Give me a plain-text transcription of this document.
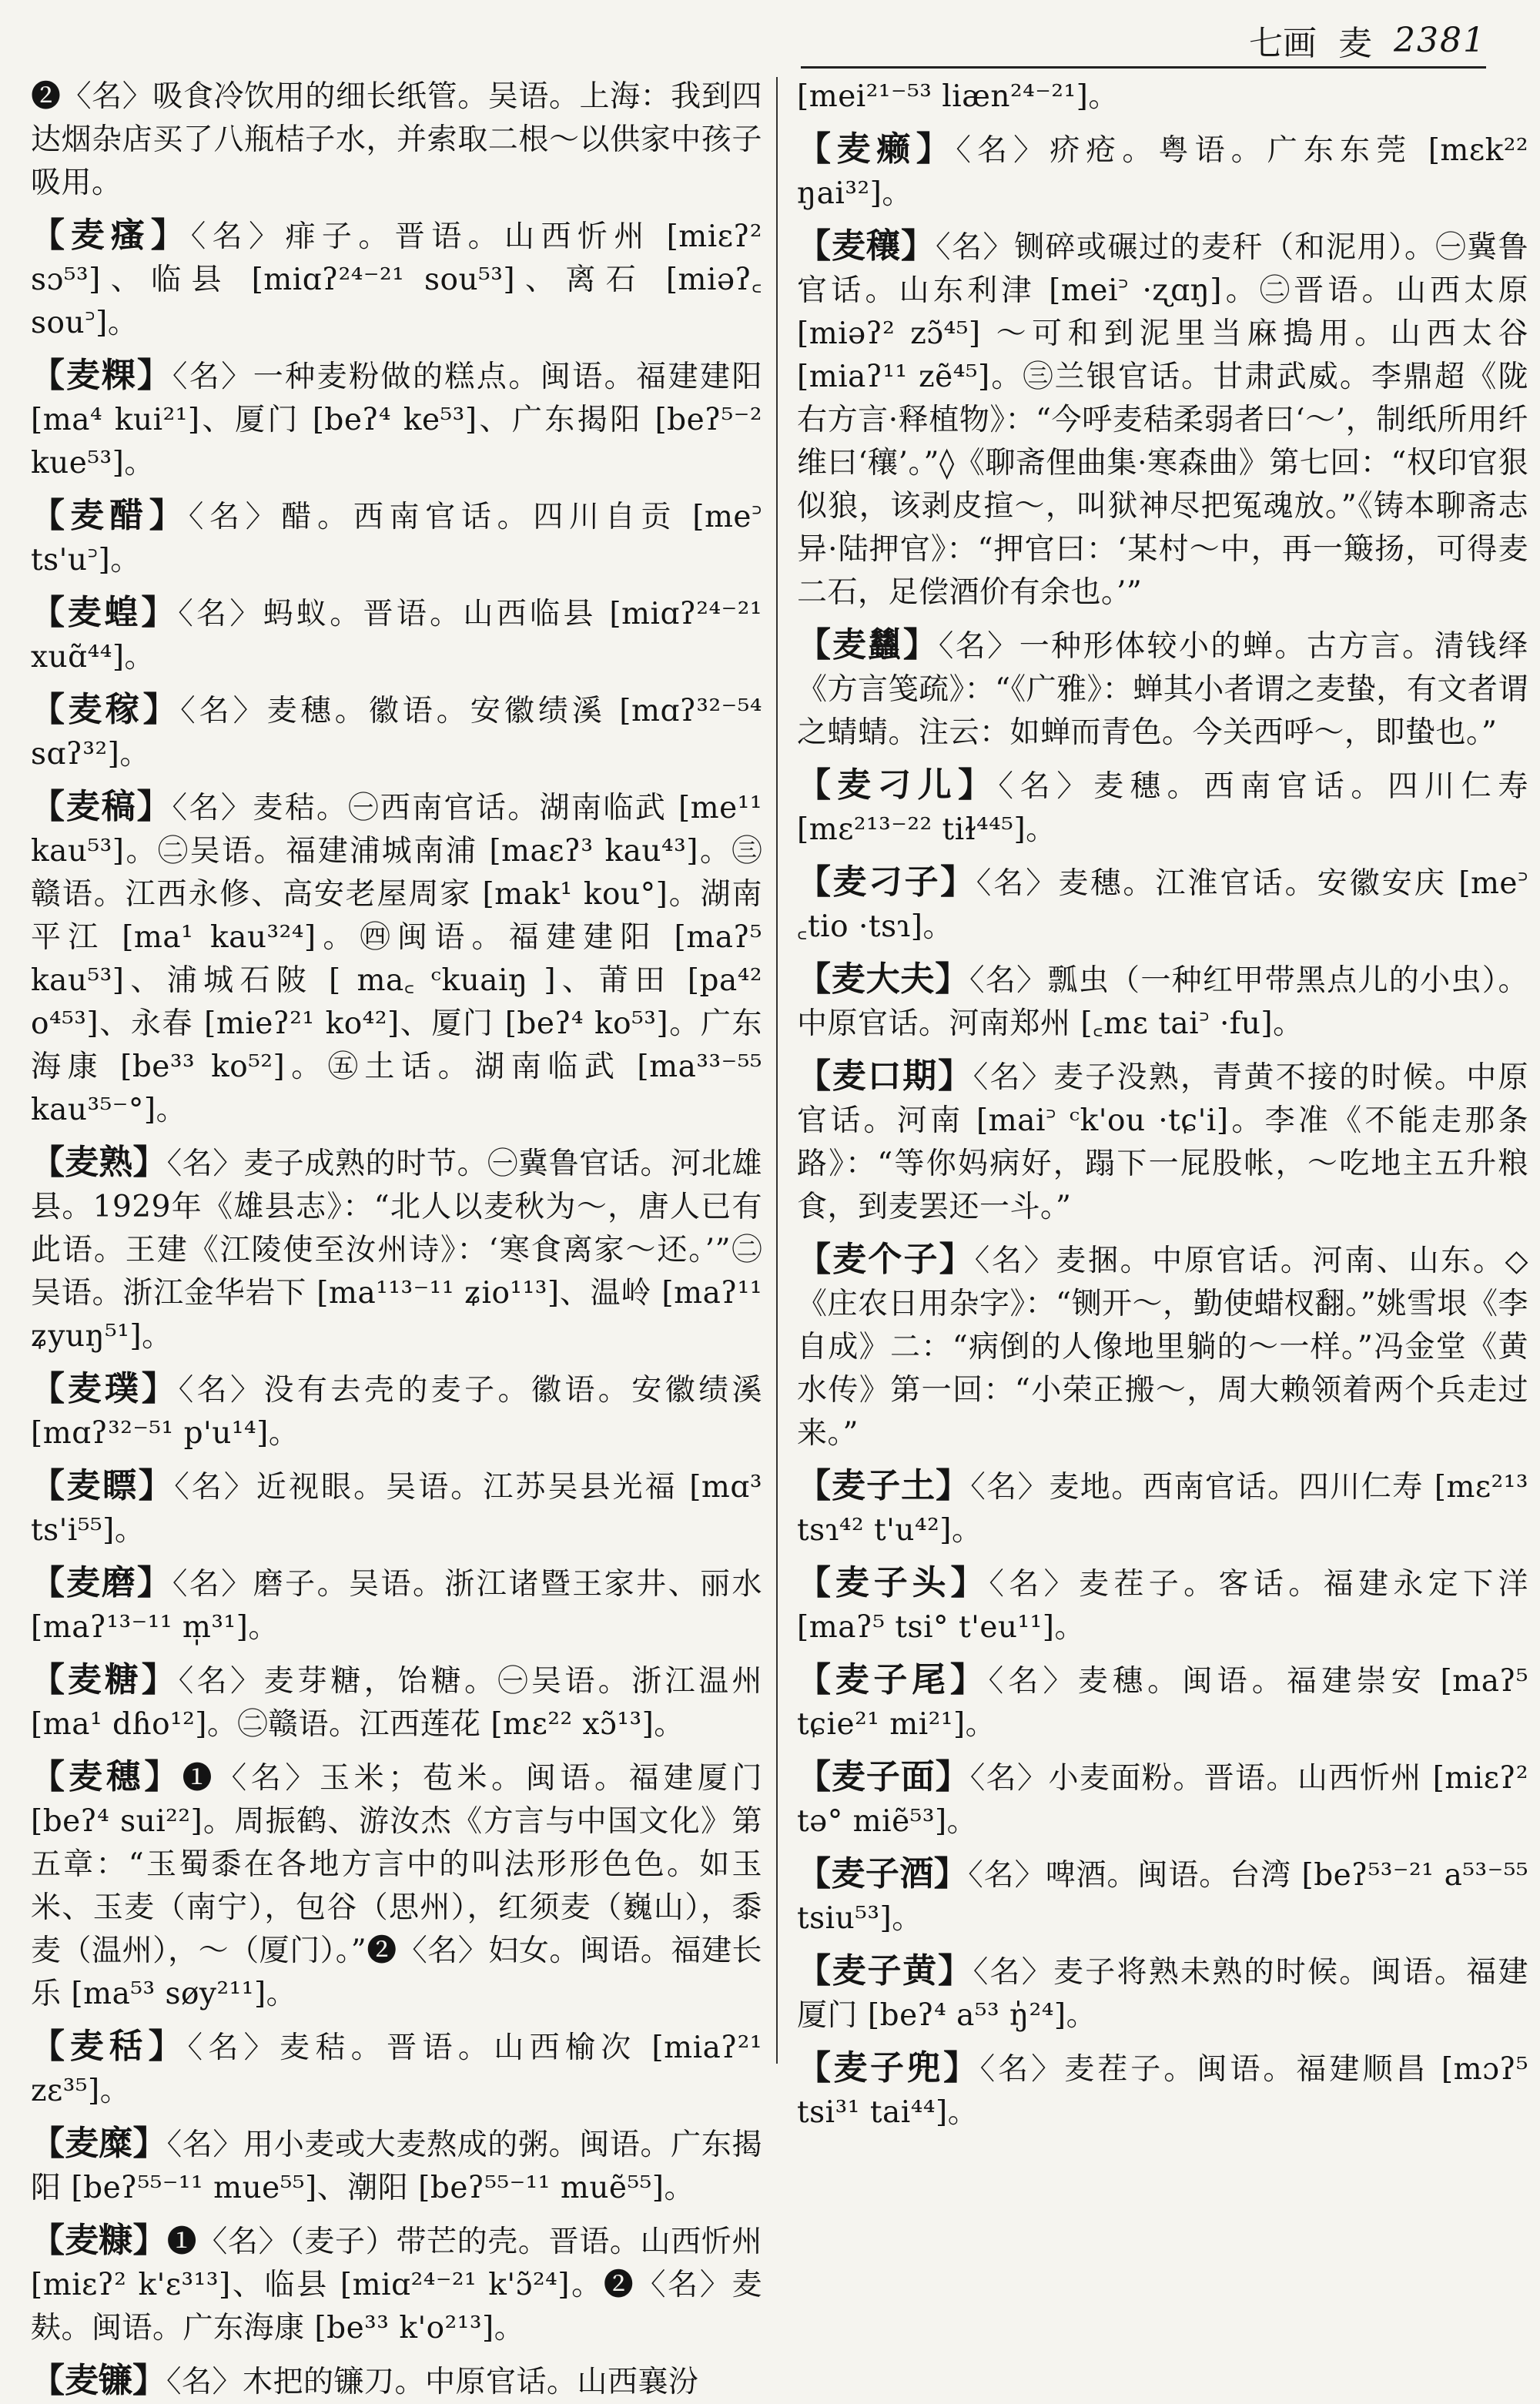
七画 麦 2381

❷〈名〉吸食冷饮用的细长纸管。吴语。上海：我到四达烟杂店买了八瓶桔子水，并索取二根～以供家中孩子吸用。

【麦瘙】〈名〉痱子。晋语。山西忻州 [miɛʔ² sɔ⁵³]、临县 [miɑʔ²⁴⁻²¹ sou⁵³]、离石 [miəʔ꜀ sou꜄]。

【麦粿】〈名〉一种麦粉做的糕点。闽语。福建建阳 [ma⁴ kui²¹]、厦门 [beʔ⁴ ke⁵³]、广东揭阳 [beʔ⁵⁻² kue⁵³]。

【麦醋】〈名〉醋。西南官话。四川自贡 [me꜄ ts'u꜄]。

【麦蝗】〈名〉蚂蚁。晋语。山西临县 [miɑʔ²⁴⁻²¹ xuɑ̃⁴⁴]。

【麦稼】〈名〉麦穗。徽语。安徽绩溪 [mɑʔ³²⁻⁵⁴ sɑʔ³²]。

【麦稿】〈名〉麦秸。㊀西南官话。湖南临武 [me¹¹ kau⁵³]。㊁吴语。福建浦城南浦 [maɛʔ³ kau⁴³]。㊂赣语。江西永修、高安老屋周家 [mak¹ kou°]。湖南平江 [ma¹ kau³²⁴]。㊃闽语。福建建阳 [maʔ⁵ kau⁵³]、浦城石陂 [ ma꜀ ᶜkuaiŋ ]、莆田 [pa⁴² o⁴⁵³]、永春 [mieʔ²¹ ko⁴²]、厦门 [beʔ⁴ ko⁵³]。广东海康 [be³³ ko⁵²]。㊄土话。湖南临武 [ma³³⁻⁵⁵ kau³⁵⁻°]。

【麦熟】〈名〉麦子成熟的时节。㊀冀鲁官话。河北雄县。1929年《雄县志》：“北人以麦秋为～，唐人已有此语。王建《江陵使至汝州诗》：‘寒食离家～还。’”㊁吴语。浙江金华岩下 [ma¹¹³⁻¹¹ ʑio¹¹³]、温岭 [maʔ¹¹ ʑyuŋ⁵¹]。

【麦璞】〈名〉没有去壳的麦子。徽语。安徽绩溪 [mɑʔ³²⁻⁵¹ p'u¹⁴]。

【麦瞟】〈名〉近视眼。吴语。江苏吴县光福 [mɑ³ ts'i⁵⁵]。

【麦磨】〈名〉磨子。吴语。浙江诸暨王家井、丽水 [maʔ¹³⁻¹¹ m̩³¹]。

【麦糖】〈名〉麦芽糖，饴糖。㊀吴语。浙江温州 [ma¹ dɦo¹²]。㊁赣语。江西莲花 [mɛ²² xɔ̃¹³]。

【麦穗】❶〈名〉玉米；苞米。闽语。福建厦门 [beʔ⁴ sui²²]。周振鹤、游汝杰《方言与中国文化》第五章：“玉蜀黍在各地方言中的叫法形形色色。如玉米、玉麦（南宁），包谷（思州），红须麦（巍山），黍麦（温州），～（厦门）。”❷〈名〉妇女。闽语。福建长乐 [ma⁵³ søy²¹¹]。

【麦秳】〈名〉麦秸。晋语。山西榆次 [miaʔ²¹ zɛ³⁵]。

【麦糜】〈名〉用小麦或大麦熬成的粥。闽语。广东揭阳 [beʔ⁵⁵⁻¹¹ mue⁵⁵]、潮阳 [beʔ⁵⁵⁻¹¹ muẽ⁵⁵]。

【麦糠】❶〈名〉（麦子）带芒的壳。晋语。山西忻州 [miɛʔ² k'ɛ³¹³]、临县 [miɑ²⁴⁻²¹ k'ɔ̃²⁴]。❷〈名〉麦麸。闽语。广东海康 [be³³ k'o²¹³]。

【麦镰】〈名〉木把的镰刀。中原官话。山西襄汾

[mei²¹⁻⁵³ liæn²⁴⁻²¹]。

【麦癞】〈名〉疥疮。粤语。广东东莞 [mɛk²² ŋai³²]。

【麦穰】〈名〉铡碎或碾过的麦秆（和泥用）。㊀冀鲁官话。山东利津 [mei꜄ ·ʐɑŋ]。㊁晋语。山西太原 [miəʔ² zɔ̃⁴⁵] ～可和到泥里当麻搗用。山西太谷 [miaʔ¹¹ zẽ⁴⁵]。㊂兰银官话。甘肃武威。李鼎超《陇右方言·释植物》：“今呼麦秸柔弱者曰‘～’，制纸所用纤维曰‘穰’。”◊《聊斋俚曲集·寒森曲》第七回：“权印官狠似狼，该剥皮揎～，叫狱神尽把冤魂放。”《铸本聊斋志异·陆押官》：“押官曰：‘某村～中，再一簸扬，可得麦二石，足偿酒价有余也。’”

【麦蠿】〈名〉一种形体较小的蝉。古方言。清钱绎《方言笺疏》：“《广雅》：蝉其小者谓之麦蛰，有文者谓之蜻蜻。注云：如蝉而青色。今关西呼～，即蛰也。”

【麦刁儿】〈名〉麦穗。西南官话。四川仁寿 [mɛ²¹³⁻²² tiɫ⁴⁴⁵]。

【麦刁子】〈名〉麦穗。江淮官话。安徽安庆 [me꜄ ꜀tio ·tsɿ]。

【麦大夫】〈名〉瓢虫（一种红甲带黑点儿的小虫）。中原官话。河南郑州 [꜀mɛ tai꜄ ·fu]。

【麦口期】〈名〉麦子没熟，青黄不接的时候。中原官话。河南 [mai꜄ ᶜk'ou ·tɕ'i]。李准《不能走那条路》：“等你妈病好，蹋下一屁股帐，～吃地主五升粮食，到麦罢还一斗。”

【麦个子】〈名〉麦捆。中原官话。河南、山东。◇《庄农日用杂字》：“铡开～，勤使蜡杈翻。”姚雪垠《李自成》二：“病倒的人像地里躺的～一样。”冯金堂《黄水传》第一回：“小荣正搬～，周大赖领着两个兵走过来。”

【麦子土】〈名〉麦地。西南官话。四川仁寿 [mɛ²¹³ tsɿ⁴² t'u⁴²]。

【麦子头】〈名〉麦茬子。客话。福建永定下洋 [maʔ⁵ tsi° t'eu¹¹]。

【麦子尾】〈名〉麦穗。闽语。福建崇安 [maʔ⁵ tɕie²¹ mi²¹]。

【麦子面】〈名〉小麦面粉。晋语。山西忻州 [miɛʔ² tə° miẽ⁵³]。

【麦子酒】〈名〉啤酒。闽语。台湾 [beʔ⁵³⁻²¹ a⁵³⁻⁵⁵ tsiu⁵³]。

【麦子黄】〈名〉麦子将熟未熟的时候。闽语。福建厦门 [beʔ⁴ a⁵³ ŋ̍²⁴]。

【麦子兜】〈名〉麦茬子。闽语。福建顺昌 [mɔʔ⁵ tsi³¹ tai⁴⁴]。
